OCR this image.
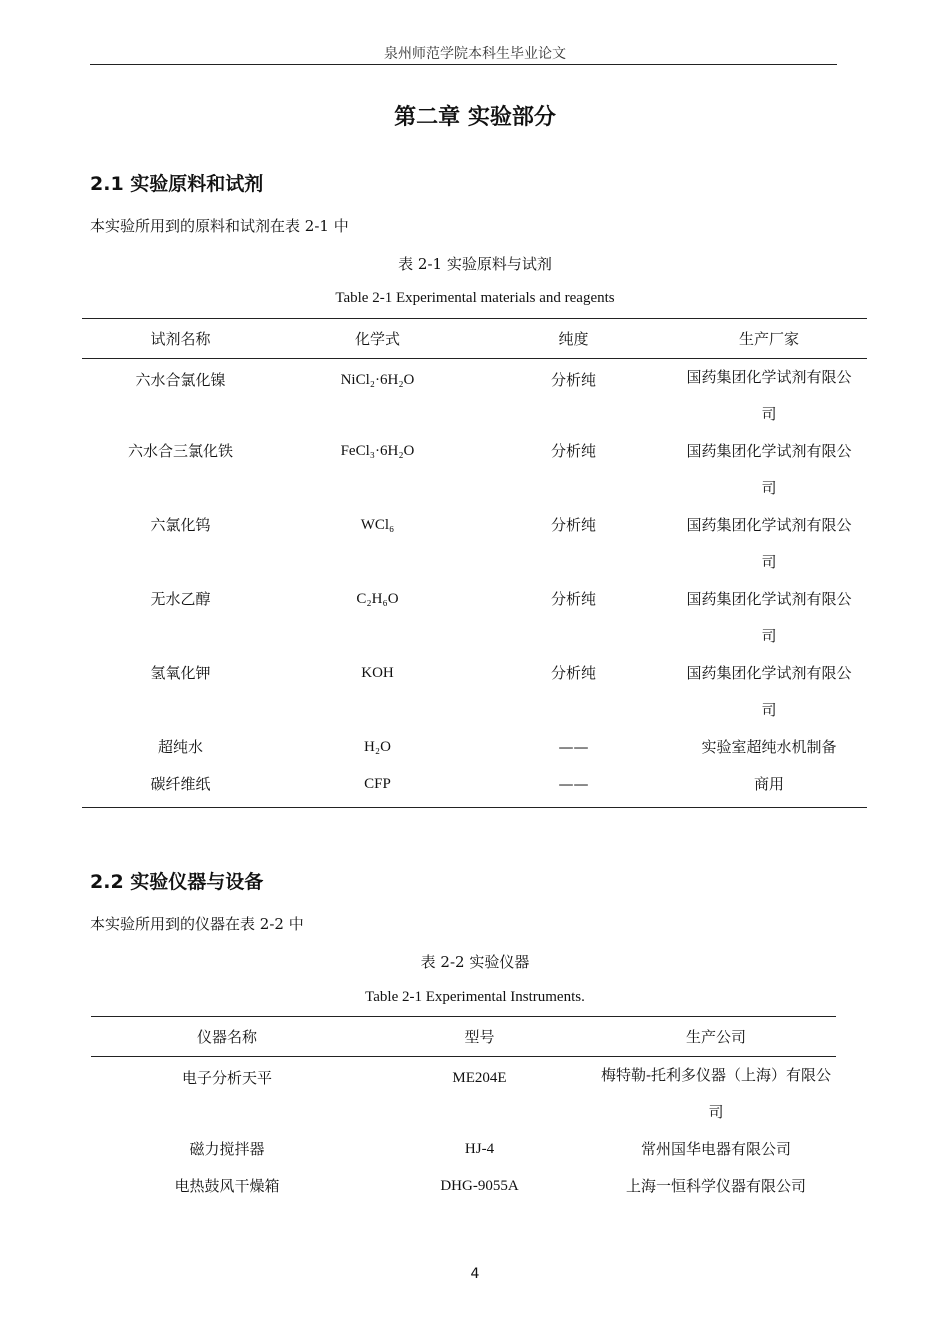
泉州师范学院本科生毕业论文
第二章 实验部分
2.1 实验原料和试剂
本实验所用到的原料和试剂在表 2-1 中
表 2-1 实验原料与试剂
Table 2-1 Experimental materials and reagents
试剂名称	化学式	纯度	生产厂家
六水合氯化镍	NiCl₂·6H₂O	分析纯	国药集团化学试剂有限公司
六水合三氯化铁	FeCl₃·6H₂O	分析纯	国药集团化学试剂有限公司
六氯化钨	WCl₆	分析纯	国药集团化学试剂有限公司
无水乙醇	C₂H₆O	分析纯	国药集团化学试剂有限公司
氢氧化钾	KOH	分析纯	国药集团化学试剂有限公司
超纯水	H₂O	——	实验室超纯水机制备
碳纤维纸	CFP	——	商用
2.2 实验仪器与设备
本实验所用到的仪器在表 2-2 中
表 2-2 实验仪器
Table 2-1 Experimental Instruments.
仪器名称	型号	生产公司
电子分析天平	ME204E	梅特勒-托利多仪器（上海）有限公司
磁力搅拌器	HJ-4	常州国华电器有限公司
电热鼓风干燥箱	DHG-9055A	上海一恒科学仪器有限公司
4
